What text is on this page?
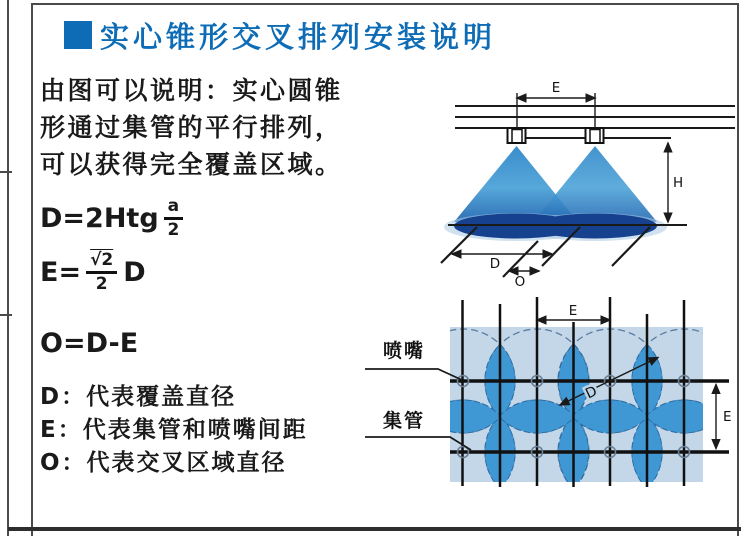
实心锥形交叉排列安装说明
由图可以说明：实心圆锥
形通过集管的平行排列，
可以获得完全覆盖区域。
$D=2Htg \frac{a}{2}$
$E= \frac{√2}{2}$ D
O=D-E
D：代表覆盖直径
E：代表集管和喷嘴间距
O：代表交叉区域直径
E
H
D
O
E
E
D
喷嘴
集管
